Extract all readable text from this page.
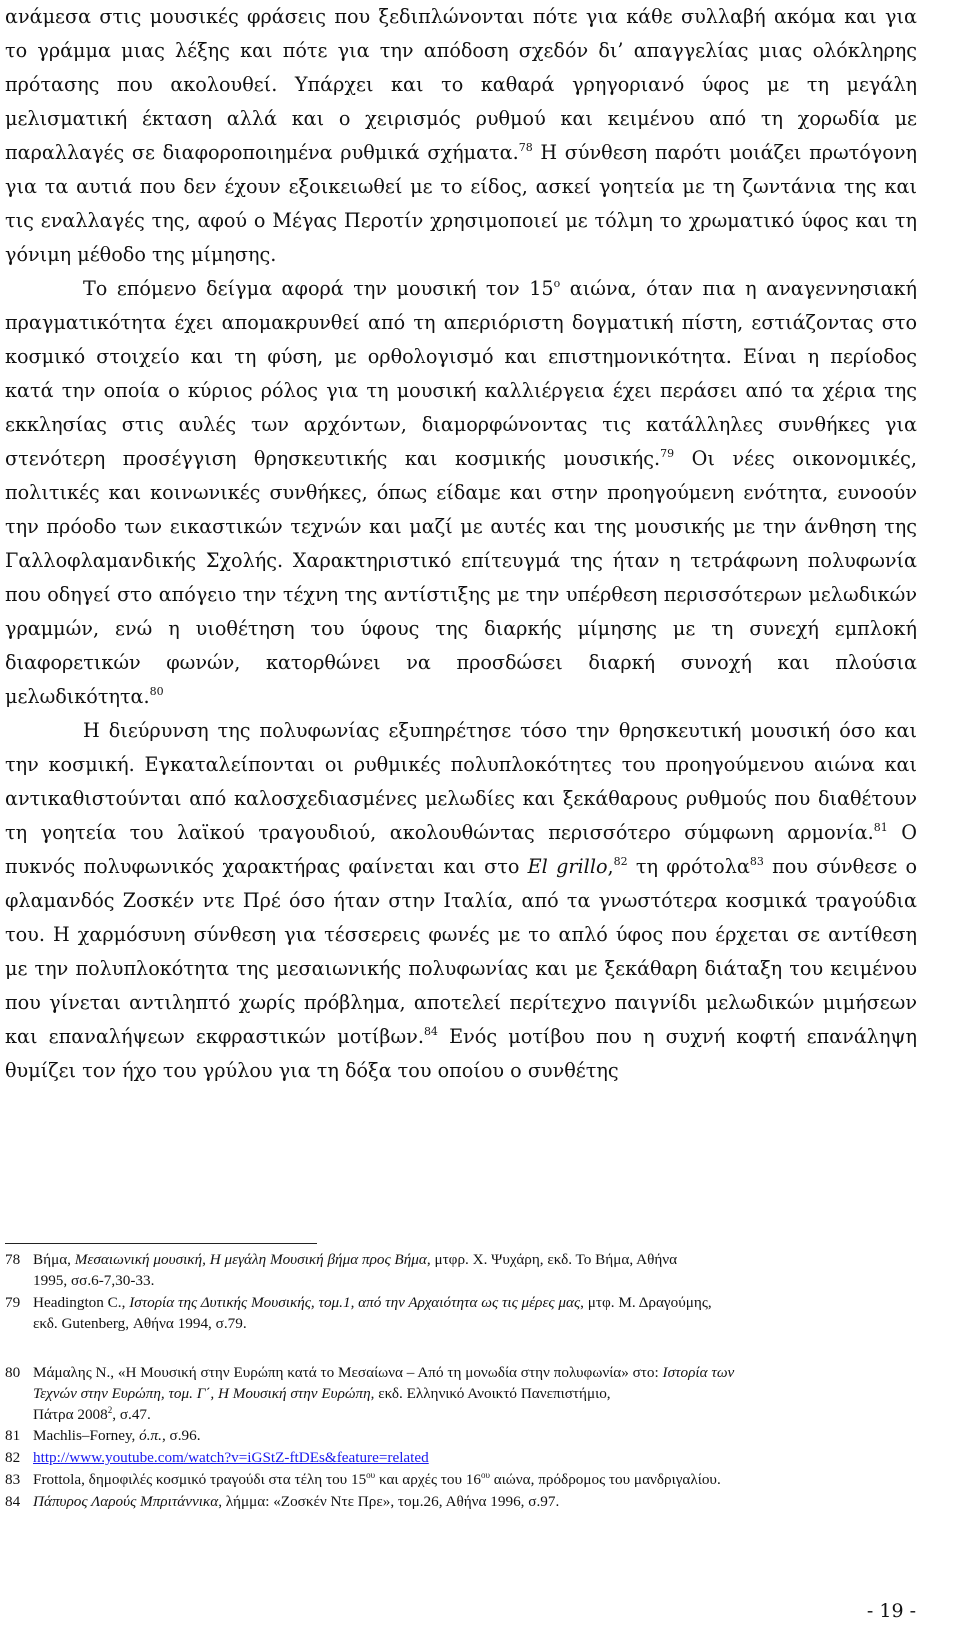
ανάμεσα στις μουσικές φράσεις που ξεδιπλώνονται πότε για κάθε συλλαβή ακόμα και για το γράμμα μιας λέξης και πότε για την απόδοση σχεδόν δι’ απαγγελίας μιας ολόκληρης πρότασης που ακολουθεί. Υπάρχει και το καθαρά γρηγοριανό ύφος με τη μεγάλη μελισματική έκταση αλλά και ο χειρισμός ρυθμού και κειμένου από τη χορωδία με παραλλαγές σε διαφοροποιημένα ρυθμικά σχήματα.$^{78}$ Η σύνθεση παρότι μοιάζει πρωτόγονη για τα αυτιά που δεν έχουν εξοικειωθεί με το είδος, ασκεί γοητεία με τη ζωντάνια της και τις εναλλαγές της, αφού ο Μέγας Περοτίν χρησιμοποιεί με τόλμη το χρωματικό ύφος και τη γόνιμη μέθοδο της μίμησης.

Το επόμενο δείγμα αφορά την μουσική τον $15^o$ αιώνα, όταν πια η αναγεννησιακή πραγματικότητα έχει απομακρυνθεί από τη απεριόριστη δογματική πίστη, εστιάζοντας στο κοσμικό στοιχείο και τη φύση, με ορθολογισμό και επιστημονικότητα. Είναι η περίοδος κατά την οποία ο κύριος ρόλος για τη μουσική καλλιέργεια έχει περάσει από τα χέρια της εκκλησίας στις αυλές των αρχόντων, διαμορφώνοντας τις κατάλληλες συνθήκες για στενότερη προσέγγιση θρησκευτικής και κοσμικής μουσικής.$^{79}$ Οι νέες οικονομικές, πολιτικές και κοινωνικές συνθήκες, όπως είδαμε και στην προηγούμενη ενότητα, ευνοούν την πρόοδο των εικαστικών τεχνών και μαζί με αυτές και της μουσικής με την άνθηση της Γαλλοφλαμανδικής Σχολής. Χαρακτηριστικό επίτευγμά της ήταν η τετράφωνη πολυφωνία που οδηγεί στο απόγειο την τέχνη της αντίστιξης με την υπέρθεση περισσότερων μελωδικών γραμμών, ενώ η υιοθέτηση του ύφους της διαρκής μίμησης με τη συνεχή εμπλοκή διαφορετικών φωνών, κατορθώνει να προσδώσει διαρκή συνοχή και πλούσια μελωδικότητα.$^{80}$

Η διεύρυνση της πολυφωνίας εξυπηρέτησε τόσο την θρησκευτική μουσική όσο και την κοσμική. Εγκαταλείπονται οι ρυθμικές πολυπλοκότητες του προηγούμενου αιώνα και αντικαθιστούνται από καλοσχεδιασμένες μελωδίες και ξεκάθαρους ρυθμούς που διαθέτουν τη γοητεία του λαϊκού τραγουδιού, ακολουθώντας περισσότερο σύμφωνη αρμονία.$^{81}$ Ο πυκνός πολυφωνικός χαρακτήρας φαίνεται και στο El grillo,$^{82}$ τη φρότολα$^{83}$ που σύνθεσε ο φλαμανδός Ζοσκέν ντε Πρέ όσο ήταν στην Ιταλία, από τα γνωστότερα κοσμικά τραγούδια του. Η χαρμόσυνη σύνθεση για τέσσερεις φωνές με το απλό ύφος που έρχεται σε αντίθεση με την πολυπλοκότητα της μεσαιωνικής πολυφωνίας και με ξεκάθαρη διάταξη του κειμένου που γίνεται αντιληπτό χωρίς πρόβλημα, αποτελεί περίτεχνο παιγνίδι μελωδικών μιμήσεων και επαναλήψεων εκφραστικών μοτίβων.$^{84}$ Ενός μοτίβου που η συχνή κοφτή επανάληψη θυμίζει τον ήχο του γρύλου για τη δόξα του οποίου ο συνθέτης

78 Βήμα, Μεσαιωνική μουσική, Η μεγάλη Μουσική βήμα προς Βήμα, μτφρ. Χ. Ψυχάρη, εκδ. Το Βήμα, Αθήνα
1995, σσ.6-7,30-33.
79 Headington C., Ιστορία της Δυτικής Μουσικής, τομ.1, από την Αρχαιότητα ως τις μέρες μας, μτφ. Μ. Δραγούμης,
εκδ. Gutenberg, Αθήνα 1994, σ.79.
80 Μάμαλης Ν., «Η Μουσική στην Ευρώπη κατά το Μεσαίωνα – Από τη μονωδία στην πολυφωνία» στο: Ιστορία των
Τεχνών στην Ευρώπη, τομ. Γ΄, Η Μουσική στην Ευρώπη, εκδ. Ελληνικό Ανοικτό Πανεπιστήμιο,
Πάτρα 2008$^2$, σ.47.
81 Machlis–Forney, ό.π., σ.96.
82 http://www.youtube.com/watch?v=iGStZ-ftDEs&feature=related
83 Frottola, δημοφιλές κοσμικό τραγούδι στα τέλη του $15^{o\upsilon}$ και αρχές του $16^{o\upsilon}$ αιώνα, πρόδρομος του μανδριγαλίου.
84 Πάπυρος Λαρούς Μπριτάννικα, λήμμα: «Ζοσκέν Ντε Πρε», τομ.26, Αθήνα 1996, σ.97.
- 19 -
